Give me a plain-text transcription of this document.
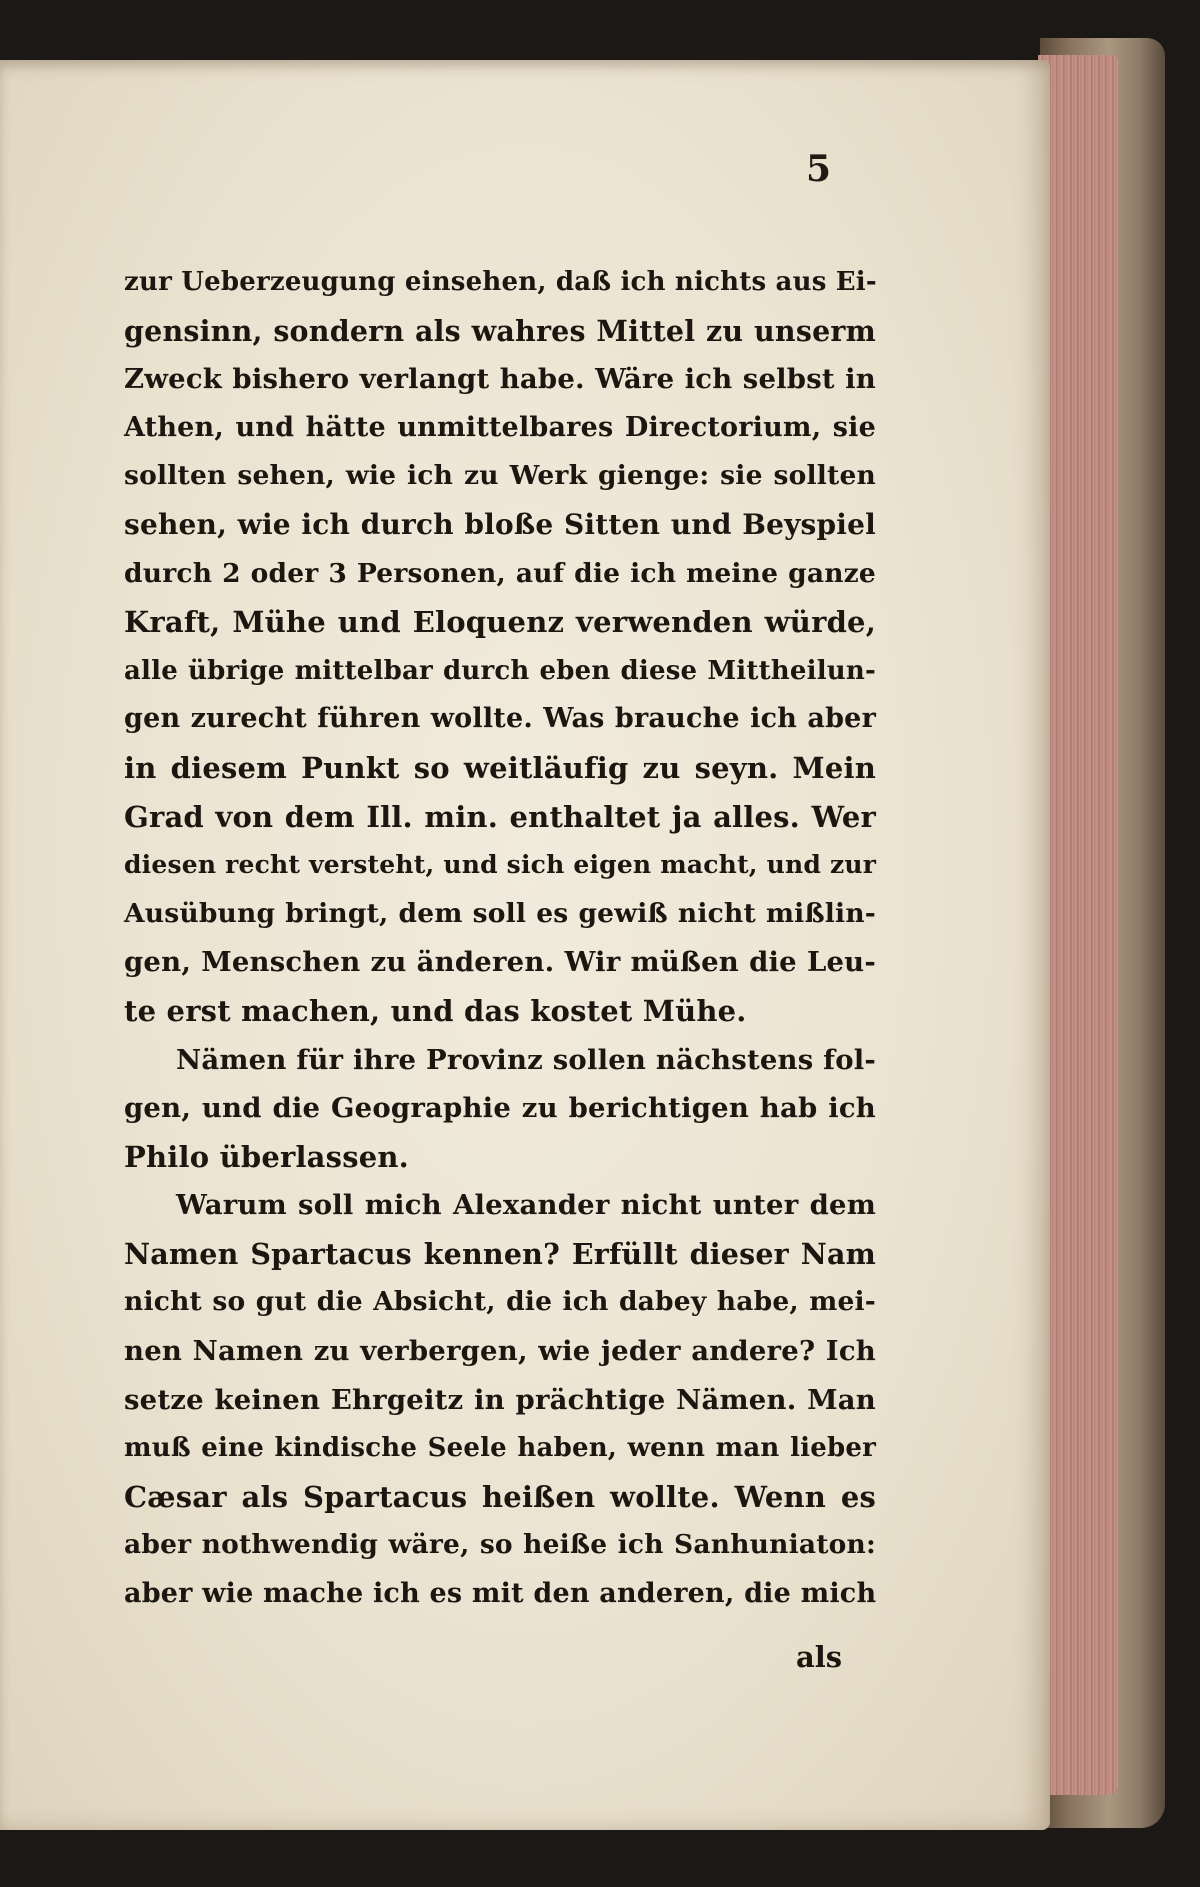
5
zur Ueberzeugung einsehen, daß ich nichts aus Ei-
gensinn, sondern als wahres Mittel zu unserm
Zweck bishero verlangt habe. Wäre ich selbst in
Athen, und hätte unmittelbares Directorium, sie
sollten sehen, wie ich zu Werk gienge: sie sollten
sehen, wie ich durch bloße Sitten und Beyspiel
durch 2 oder 3 Personen, auf die ich meine ganze
Kraft, Mühe und Eloquenz verwenden würde,
alle übrige mittelbar durch eben diese Mittheilun-
gen zurecht führen wollte. Was brauche ich aber
in diesem Punkt so weitläufig zu seyn. Mein
Grad von dem Ill. min. enthaltet ja alles. Wer
diesen recht versteht, und sich eigen macht, und zur
Ausübung bringt, dem soll es gewiß nicht mißlin-
gen, Menschen zu änderen. Wir müßen die Leu-
te erst machen, und das kostet Mühe.
Nämen für ihre Provinz sollen nächstens fol-
gen, und die Geographie zu berichtigen hab ich
Philo überlassen.
Warum soll mich Alexander nicht unter dem
Namen Spartacus kennen? Erfüllt dieser Nam
nicht so gut die Absicht, die ich dabey habe, mei-
nen Namen zu verbergen, wie jeder andere? Ich
setze keinen Ehrgeitz in prächtige Nämen. Man
muß eine kindische Seele haben, wenn man lieber
Cæsar als Spartacus heißen wollte. Wenn es
aber nothwendig wäre, so heiße ich Sanhuniaton:
aber wie mache ich es mit den anderen, die mich
als
